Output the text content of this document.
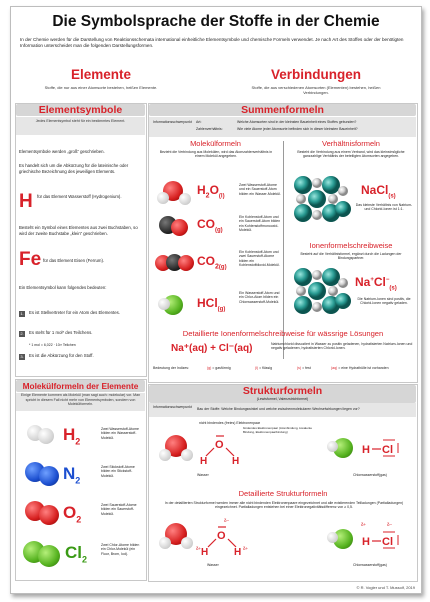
Die Symbolsprache der Stoffe in der Chemie
In der Chemie werden für die Darstellung von Reaktionsschemata international einheitliche Elementsymbole und chemische Formeln verwendet. Je nach Art des Stoffes oder der benötigten Information unterscheidet man die folgenden Darstellungsformen.
Elemente
Stoffe, die nur aus einer Atomsorte bestehen, heißen Elemente.
Verbindungen
Stoffe, die aus verschiedenen Atomsorten (Elementen) bestehen, heißen Verbindungen.
Elementsymbole
Jedes Elementsymbol steht für ein bestimmtes Element.
Elementsymbole werden „groß“ geschrieben.
Es handelt sich um die Abkürzung für die lateinische oder griechische Bezeichnung des jeweiligen Elements.
H für das Element Wasserstoff (Hydrogenium).
Besteht ein Symbol eines Elementes aus zwei Buchstaben, so wird der zweite Buchstabe „klein“ geschrieben.
Fe für das Element Eisen (Ferrum).
Ein Elementsymbol kann folgendes bedeuten:
1.	Es ist Stellvertreter für ein Atom des Elementes.
2.	Es steht für 1 mol* des Teilchens.
* 1 mol = 6,022 · 10²³ Teilchen
3.	Es ist die Abkürzung für den Stoff.
Molekülformeln der Elemente
Einige Elemente kommen als Molekül (man sagt auch: molekular) vor. Man spricht in diesem Fall nicht mehr von Elementsymbolen, sondern von Molekülformeln.
$H_2$
Zwei Wasserstoff-Atome bilden ein Wasserstoff-Molekül.
$N_2$
Zwei Stickstoff-Atome bilden ein Stickstoff-Molekül.
$O_2$
Zwei Sauerstoff-Atome bilden ein Sauerstoff-Molekül.
$Cl_2$
Zwei Chlor-Atome bilden ein Chlor-Molekül (ein Fluor, Brom, Iod).
Summenformeln
Informationsschwerpunkt	Art:	Welche Atomsorten sind in der kleinsten Baueinheit eines Stoffes gebunden?
Zahlenverhältnis:	Wie viele Atome jeder Atomsorte befinden sich in dieser kleinsten Baueinheit?
Molekülformeln
Bezieht die Verbindung aus Molekülen, wird das Atomzahlenverhältnis in einem Molekül angegeben.
$H_2O_{(l)}$
Zwei Wasserstoff-Atome und ein Sauerstoff-Atom bilden ein Wasser-Molekül.
$CO_{(g)}$
Ein Kohlenstoff-Atom und ein Sauerstoff-Atom bilden ein Kohlenstoffmonooxid-Molekül.
$CO_{2(g)}$
Ein Kohlenstoff-Atom und zwei Sauerstoff-Atome bilden ein Kohlenstoffdioxid-Molekül.
HCl$_{(g)}$
Ein Wasserstoff-Atom und ein Chlor-Atom bilden ein Chlorwasserstoff-Molekül.
Verhältnisformeln
Besteht die Verbindung aus einem Verband, wird das kleinstmögliche ganzzahlige Verhältnis der beteiligten Atomsorten angegeben.
NaCl$_{(s)}$
Das kleinste Verhältnis von Natrium- und Chlorid-Ionen ist 1:1.
Ionenformelschreibweise
Besteht auf die Verhältnisformel, ergänzt durch die Ladungen der Bindungspartner.
$Na^+Cl^-_{(s)}$
Die Natrium-Ionen sind positiv, die Chlorid-Ionen negativ geladen.
Detaillierte Ionenformelschreibweise für wässrige Lösungen
Na⁺(aq) + Cl⁻(aq)	Natriumchlorid dissoziiert in Wasser zu positiv geladenen, hydratisierten Natrium-Ionen und negativ geladenen, hydratisierten Chlorid-Ionen.
Bedeutung der Indizes:	(g) = gasförmig	(l) = flüssig	(s) = fest	(aq) = eine Hydrathülle ist vorhanden
Strukturformeln
(Lewisformel, Valenzstrichformel)
Informationsschwerpunkt	Bau der Stoffe: Welche Bindungswinkel und welche zwischenmolekularen Wechselwirkungen liegen vor?
nicht bindendes (freies) Elektronenpaar
bindendes Elektronenpaar (Atombindung, kovalente Bindung, Elektronenpaarbindung)
O
H H
Wasser
H Cl
Chlorwasserstoff(gas)
Detaillierte Strukturformeln
In der detaillierten Strukturformel werden immer alle nicht bindenden Elektronenpaare eingezeichnet und alle existierenden Teilladungen (Partialladungen) eingezeichnet. Partialladungen entstehen bei einer Elektronegativitätsdifferenz von ≥ 0,5.
O
H	H
δ−
δ+	δ+
Wasser
H Cl
δ+	δ−
Chlorwasserstoff(gas)
© R. Vogler und T. Mussolf, 2019
